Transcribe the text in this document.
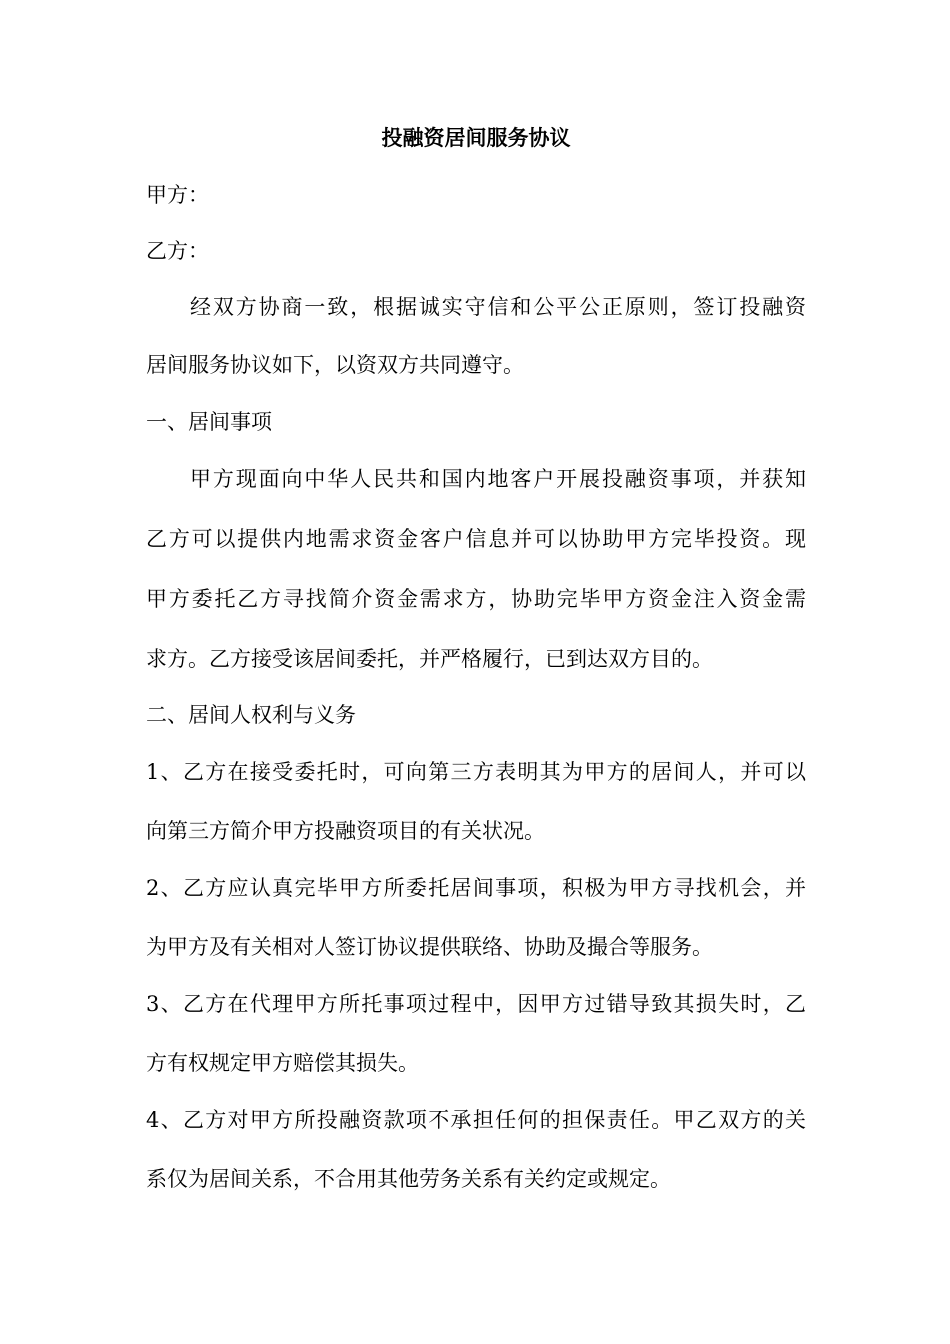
投融资居间服务协议
甲方：
乙方：
经双方协商一致，根据诚实守信和公平公正原则，签订投融资
居间服务协议如下，以资双方共同遵守。
一、居间事项
甲方现面向中华人民共和国内地客户开展投融资事项，并获知
乙方可以提供内地需求资金客户信息并可以协助甲方完毕投资。现
甲方委托乙方寻找简介资金需求方，协助完毕甲方资金注入资金需
求方。乙方接受该居间委托，并严格履行，已到达双方目的。
二、居间人权利与义务
1、乙方在接受委托时，可向第三方表明其为甲方的居间人，并可以
向第三方简介甲方投融资项目的有关状况。
2、乙方应认真完毕甲方所委托居间事项，积极为甲方寻找机会，并
为甲方及有关相对人签订协议提供联络、协助及撮合等服务。
3、乙方在代理甲方所托事项过程中，因甲方过错导致其损失时，乙
方有权规定甲方赔偿其损失。
4、乙方对甲方所投融资款项不承担任何的担保责任。甲乙双方的关
系仅为居间关系，不合用其他劳务关系有关约定或规定。
